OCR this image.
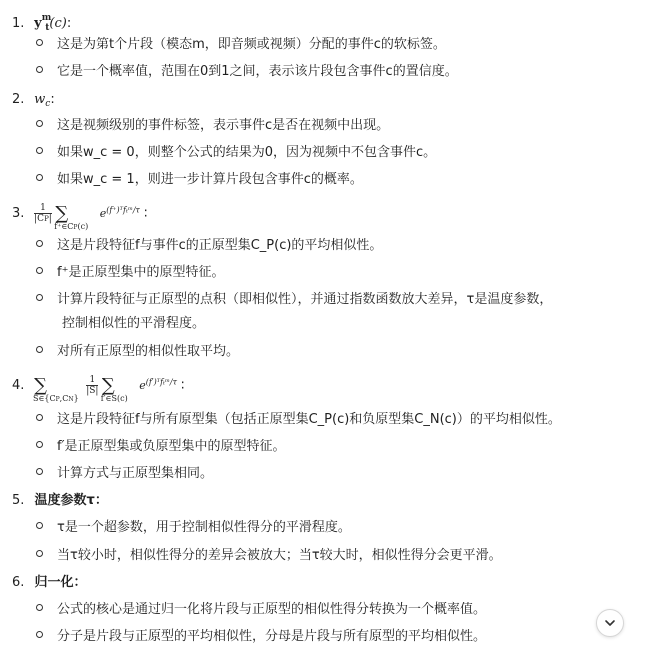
1. $y^m_t(c)$:
这是为第t个片段（模态m，即音频或视频）分配的事件c的软标签。
它是一个概率值，范围在0到1之间，表示该片段包含事件c的置信度。
2. $w_c$:
这是视频级别的事件标签，表示事件c是否在视频中出现。
如果w_c = 0，则整个公式的结果为0，因为视频中不包含事件c。
如果w_c = 1，则进一步计算片段包含事件c的概率。
3. 1
|CP| $\sum_{f^+\in CP(c)}$ $e^{(f^+)ᵀf_tᵐ/\tau}$ :
这是片段特征f与事件c的正原型集C_P(c)的平均相似性。
f⁺是正原型集中的原型特征。
计算片段特征与正原型的点积（即相似性），并通过指数函数放大差异，τ是温度参数，
控制相似性的平滑程度。
对所有正原型的相似性取平均。
4. $\sum_{S\in\{CP,CN\}}$ 1
|S| $\sum_{f'\in S(c)}$ $e^{(f')ᵀf_tᵐ/\tau}$ :
这是片段特征f与所有原型集（包括正原型集C_P(c)和负原型集C_N(c)）的平均相似性。
f′是正原型集或负原型集中的原型特征。
计算方式与正原型集相同。
5. 温度参数τ：
τ是一个超参数，用于控制相似性得分的平滑程度。
当τ较小时，相似性得分的差异会被放大；当τ较大时，相似性得分会更平滑。
6. 归一化：
公式的核心是通过归一化将片段与正原型的相似性得分转换为一个概率值。
分子是片段与正原型的平均相似性，分母是片段与所有原型的平均相似性。
